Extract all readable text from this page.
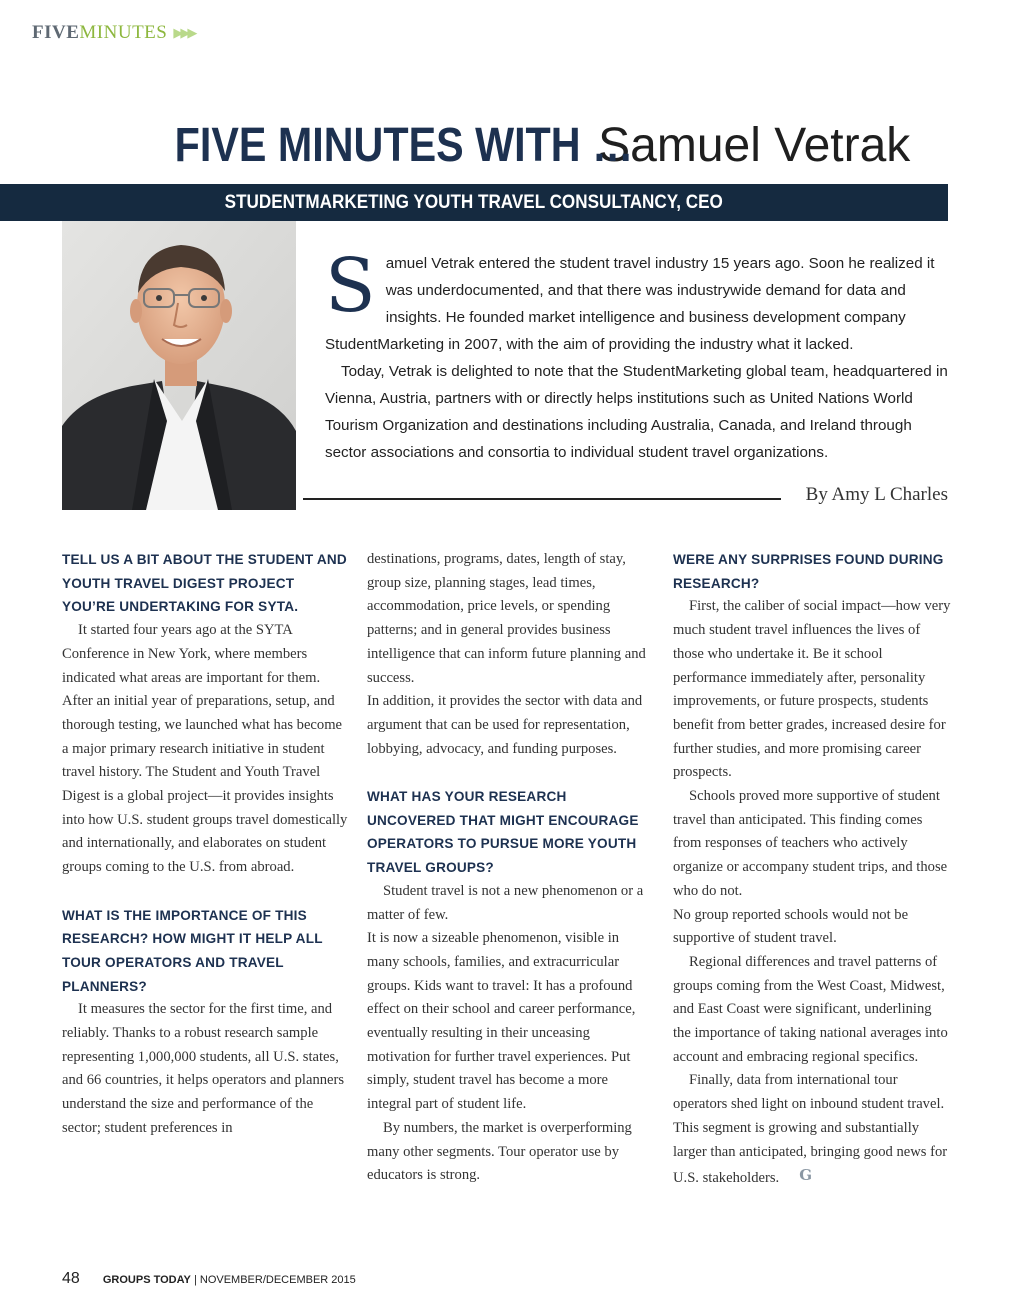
FIVEMINUTES ▶▶▶
FIVE MINUTES WITH … Samuel Vetrak
STUDENTMARKETING YOUTH TRAVEL CONSULTANCY, CEO
S amuel Vetrak entered the student travel industry 15 years ago. Soon he realized it was underdocumented, and that there was industrywide demand for data and insights. He founded market intelligence and business development company StudentMarketing in 2007, with the aim of providing the industry what it lacked.

Today, Vetrak is delighted to note that the StudentMarketing global team, headquartered in Vienna, Austria, partners with or directly helps institutions such as United Nations World Tourism Organization and destinations including Australia, Canada, and Ireland through sector associations and consortia to individual student travel organizations.

By Amy L Charles
TELL US A BIT ABOUT THE STUDENT AND YOUTH TRAVEL DIGEST PROJECT YOU’RE UNDERTAKING FOR SYTA.

It started four years ago at the SYTA Conference in New York, where members indicated what areas are important for them. After an initial year of preparations, setup, and thorough testing, we launched what has become a major primary research initiative in student travel history. The Student and Youth Travel Digest is a global project—it provides insights into how U.S. student groups travel domestically and internationally, and elaborates on student groups coming to the U.S. from abroad.

WHAT IS THE IMPORTANCE OF THIS RESEARCH? HOW MIGHT IT HELP ALL TOUR OPERATORS AND TRAVEL PLANNERS?

It measures the sector for the first time, and reliably. Thanks to a robust research sample representing 1,000,000 students, all U.S. states, and 66 countries, it helps operators and planners understand the size and performance of the sector; student preferences in

destinations, programs, dates, length of stay, group size, planning stages, lead times, accommodation, price levels, or spending patterns; and in general provides business intelligence that can inform future planning and success.

In addition, it provides the sector with data and argument that can be used for representation, lobbying, advocacy, and funding purposes.

WHAT HAS YOUR RESEARCH UNCOVERED THAT MIGHT ENCOURAGE OPERATORS TO PURSUE MORE YOUTH TRAVEL GROUPS?

Student travel is not a new phenomenon or a matter of few.

It is now a sizeable phenomenon, visible in many schools, families, and extracurricular groups. Kids want to travel: It has a profound effect on their school and career performance, eventually resulting in their unceasing motivation for further travel experiences. Put simply, student travel has become a more integral part of student life.

By numbers, the market is overperforming many other segments. Tour operator use by educators is strong.

WERE ANY SURPRISES FOUND DURING RESEARCH?

First, the caliber of social impact—how very much student travel influences the lives of those who undertake it. Be it school performance immediately after, personality improvements, or future prospects, students benefit from better grades, increased desire for further studies, and more promising career prospects.

Schools proved more supportive of student travel than anticipated. This finding comes from responses of teachers who actively organize or accompany student trips, and those who do not.

No group reported schools would not be supportive of student travel.

Regional differences and travel patterns of groups coming from the West Coast, Midwest, and East Coast were significant, underlining the importance of taking national averages into account and embracing regional specifics.

Finally, data from international tour operators shed light on inbound student travel. This segment is growing and substantially larger than anticipated, bringing good news for U.S. stakeholders. G

48 GROUPS TODAY | NOVEMBER/DECEMBER 2015
